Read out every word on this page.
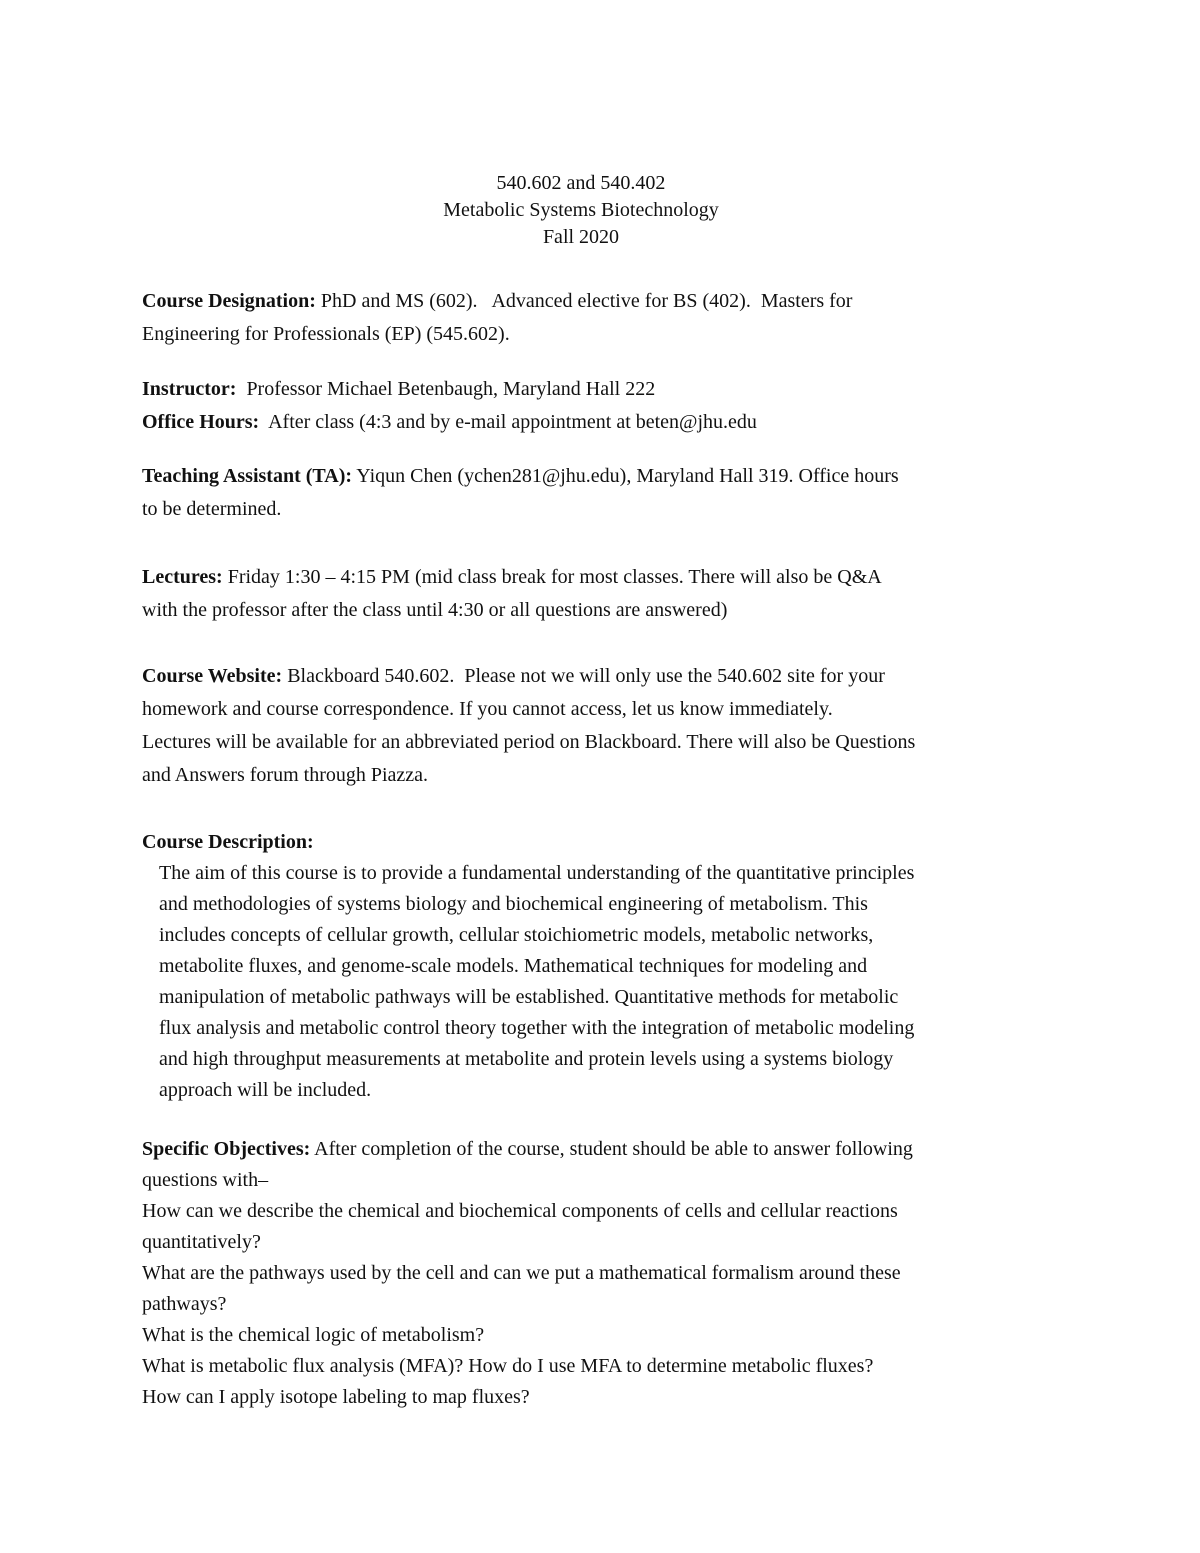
540.602 and 540.402
Metabolic Systems Biotechnology
Fall 2020
Course Designation: PhD and MS (602).   Advanced elective for BS (402).  Masters for
Engineering for Professionals (EP) (545.602).
Instructor:  Professor Michael Betenbaugh, Maryland Hall 222
Office Hours:  After class (4:3 and by e-mail appointment at beten@jhu.edu
Teaching Assistant (TA): Yiqun Chen (ychen281@jhu.edu), Maryland Hall 319. Office hours
to be determined.
Lectures: Friday 1:30 – 4:15 PM (mid class break for most classes. There will also be Q&A
with the professor after the class until 4:30 or all questions are answered)
Course Website: Blackboard 540.602.  Please not we will only use the 540.602 site for your
homework and course correspondence. If you cannot access, let us know immediately.
Lectures will be available for an abbreviated period on Blackboard. There will also be Questions
and Answers forum through Piazza.
Course Description:
The aim of this course is to provide a fundamental understanding of the quantitative principles
and methodologies of systems biology and biochemical engineering of metabolism. This
includes concepts of cellular growth, cellular stoichiometric models, metabolic networks,
metabolite fluxes, and genome-scale models. Mathematical techniques for modeling and
manipulation of metabolic pathways will be established. Quantitative methods for metabolic
flux analysis and metabolic control theory together with the integration of metabolic modeling
and high throughput measurements at metabolite and protein levels using a systems biology
approach will be included.
Specific Objectives: After completion of the course, student should be able to answer following
questions with–
How can we describe the chemical and biochemical components of cells and cellular reactions
quantitatively?
What are the pathways used by the cell and can we put a mathematical formalism around these
pathways?
What is the chemical logic of metabolism?
What is metabolic flux analysis (MFA)? How do I use MFA to determine metabolic fluxes?
How can I apply isotope labeling to map fluxes?
